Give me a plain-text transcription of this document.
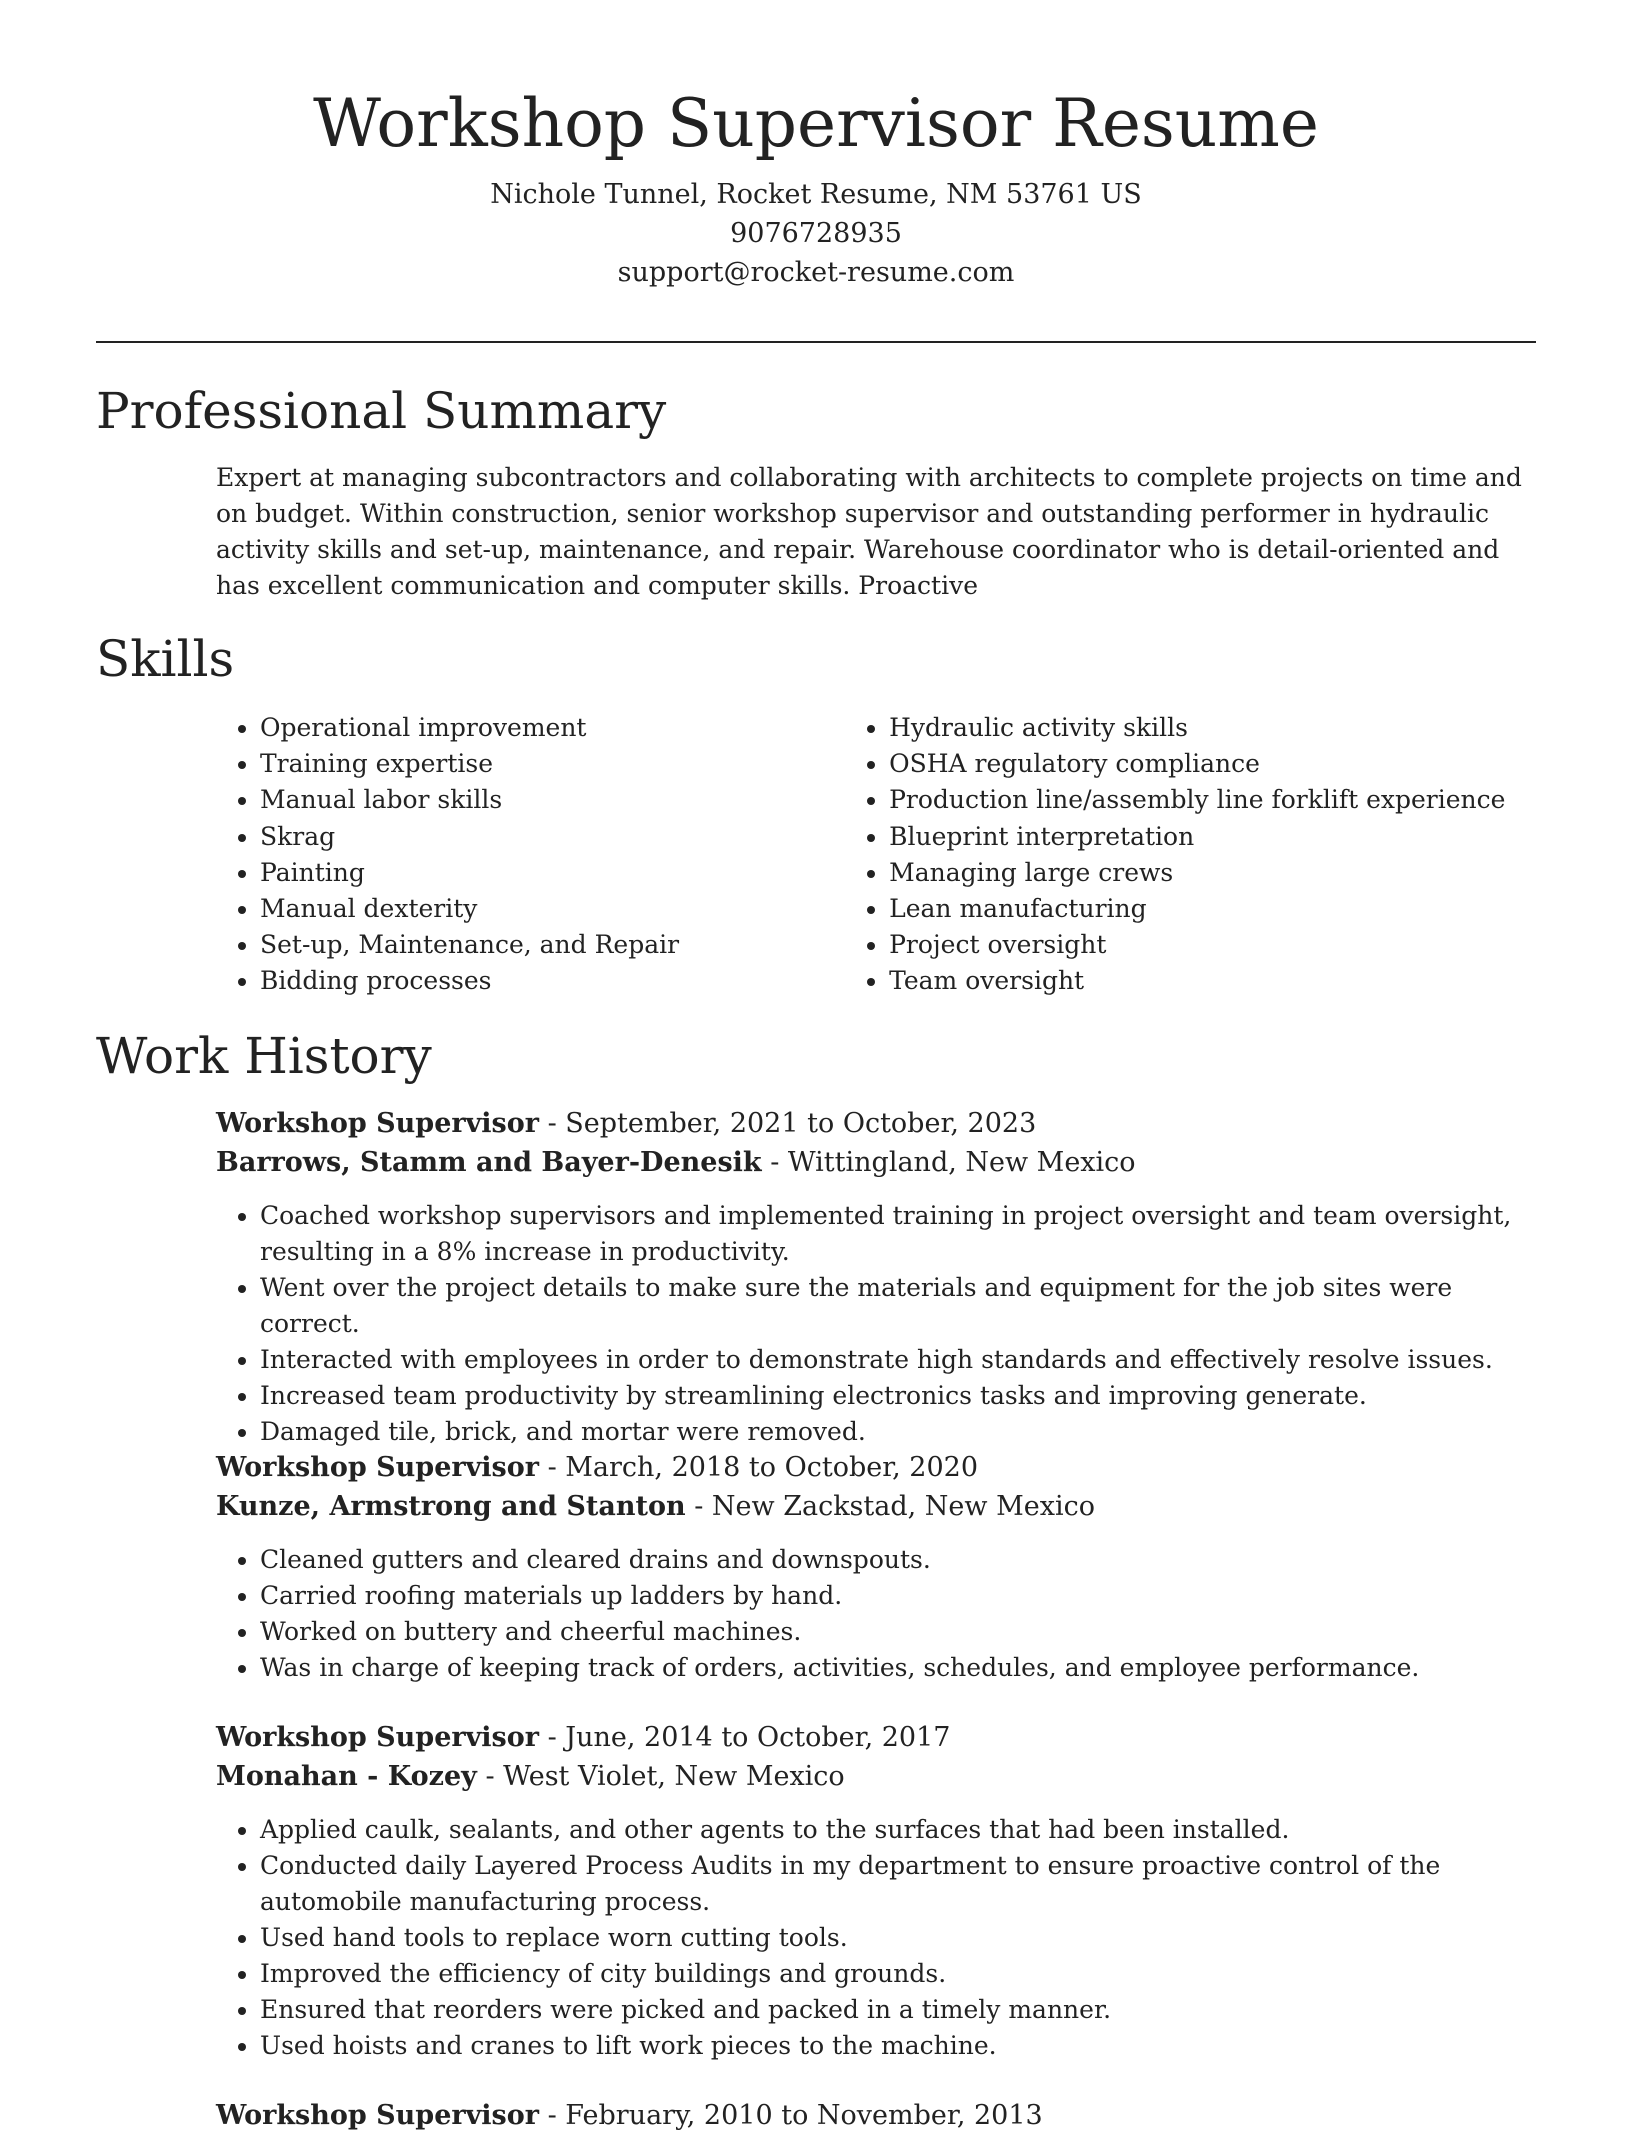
Workshop Supervisor Resume
Nichole Tunnel, Rocket Resume, NM 53761 US
9076728935
support@rocket-resume.com
Professional Summary
Expert at managing subcontractors and collaborating with architects to complete projects on time and on budget. Within construction, senior workshop supervisor and outstanding performer in hydraulic activity skills and set-up, maintenance, and repair. Warehouse coordinator who is detail-oriented and has excellent communication and computer skills. Proactive
Skills
• Operational improvement
• Training expertise
• Manual labor skills
• Skrag
• Painting
• Manual dexterity
• Set-up, Maintenance, and Repair
• Bidding processes
• Hydraulic activity skills
• OSHA regulatory compliance
• Production line/assembly line forklift experience
• Blueprint interpretation
• Managing large crews
• Lean manufacturing
• Project oversight
• Team oversight
Work History
Workshop Supervisor - September, 2021 to October, 2023
Barrows, Stamm and Bayer-Denesik - Wittingland, New Mexico
• Coached workshop supervisors and implemented training in project oversight and team oversight, resulting in a 8% increase in productivity.
• Went over the project details to make sure the materials and equipment for the job sites were correct.
• Interacted with employees in order to demonstrate high standards and effectively resolve issues.
• Increased team productivity by streamlining electronics tasks and improving generate.
• Damaged tile, brick, and mortar were removed.
Workshop Supervisor - March, 2018 to October, 2020
Kunze, Armstrong and Stanton - New Zackstad, New Mexico
• Cleaned gutters and cleared drains and downspouts.
• Carried roofing materials up ladders by hand.
• Worked on buttery and cheerful machines.
• Was in charge of keeping track of orders, activities, schedules, and employee performance.
Workshop Supervisor - June, 2014 to October, 2017
Monahan - Kozey - West Violet, New Mexico
• Applied caulk, sealants, and other agents to the surfaces that had been installed.
• Conducted daily Layered Process Audits in my department to ensure proactive control of the automobile manufacturing process.
• Used hand tools to replace worn cutting tools.
• Improved the efficiency of city buildings and grounds.
• Ensured that reorders were picked and packed in a timely manner.
• Used hoists and cranes to lift work pieces to the machine.
Workshop Supervisor - February, 2010 to November, 2013
